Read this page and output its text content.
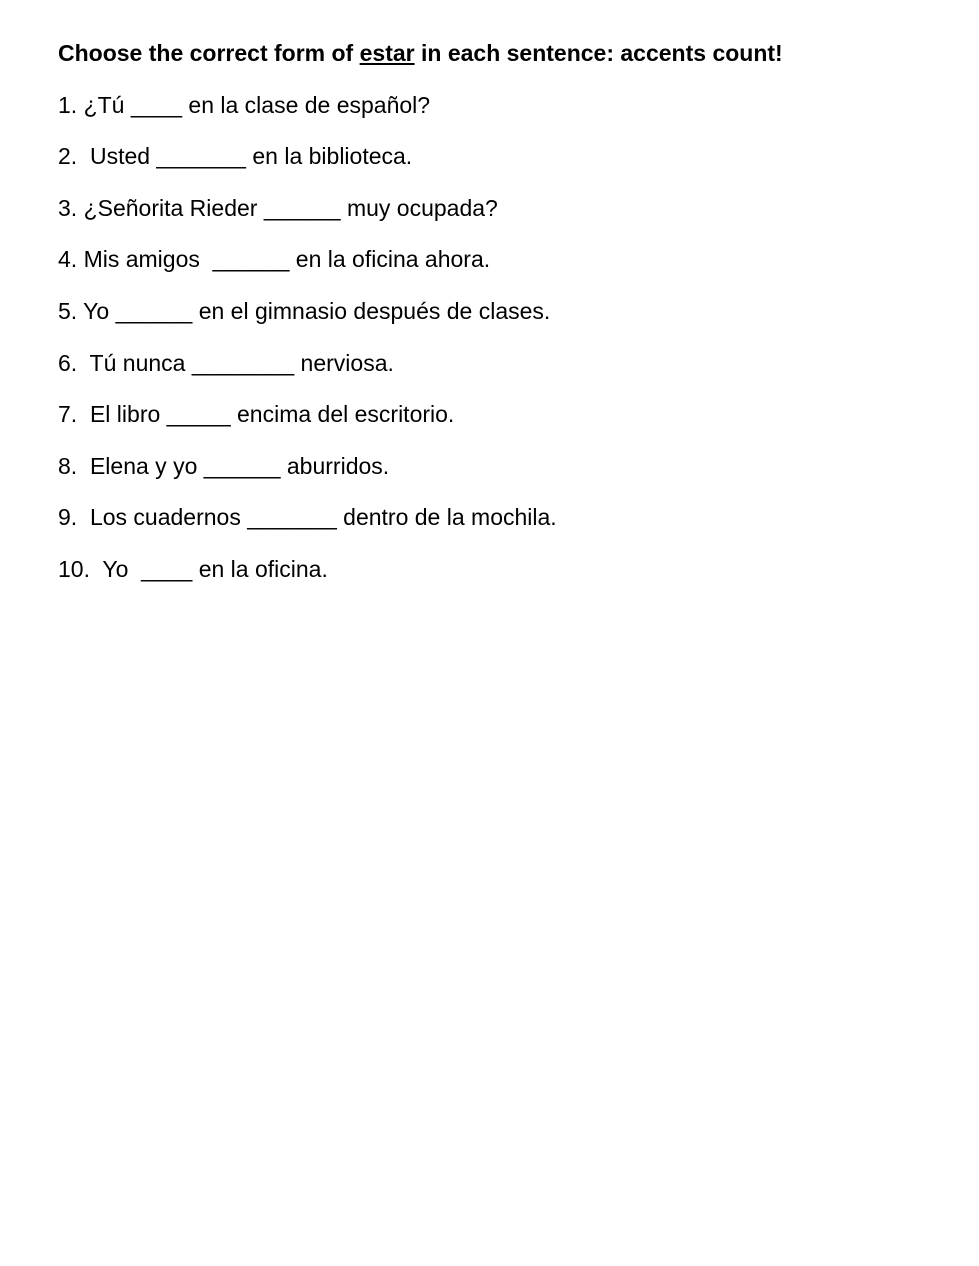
Choose the correct form of estar in each sentence: accents count!
1. ¿Tú ____ en la clase de español?
2.  Usted _______ en la biblioteca.
3. ¿Señorita Rieder ______ muy ocupada?
4. Mis amigos  ______ en la oficina ahora.
5. Yo ______ en el gimnasio después de clases.
6.  Tú nunca ________ nerviosa.
7.  El libro _____ encima del escritorio.
8.  Elena y yo ______ aburridos.
9.  Los cuadernos _______ dentro de la mochila.
10.  Yo  ____ en la oficina.
